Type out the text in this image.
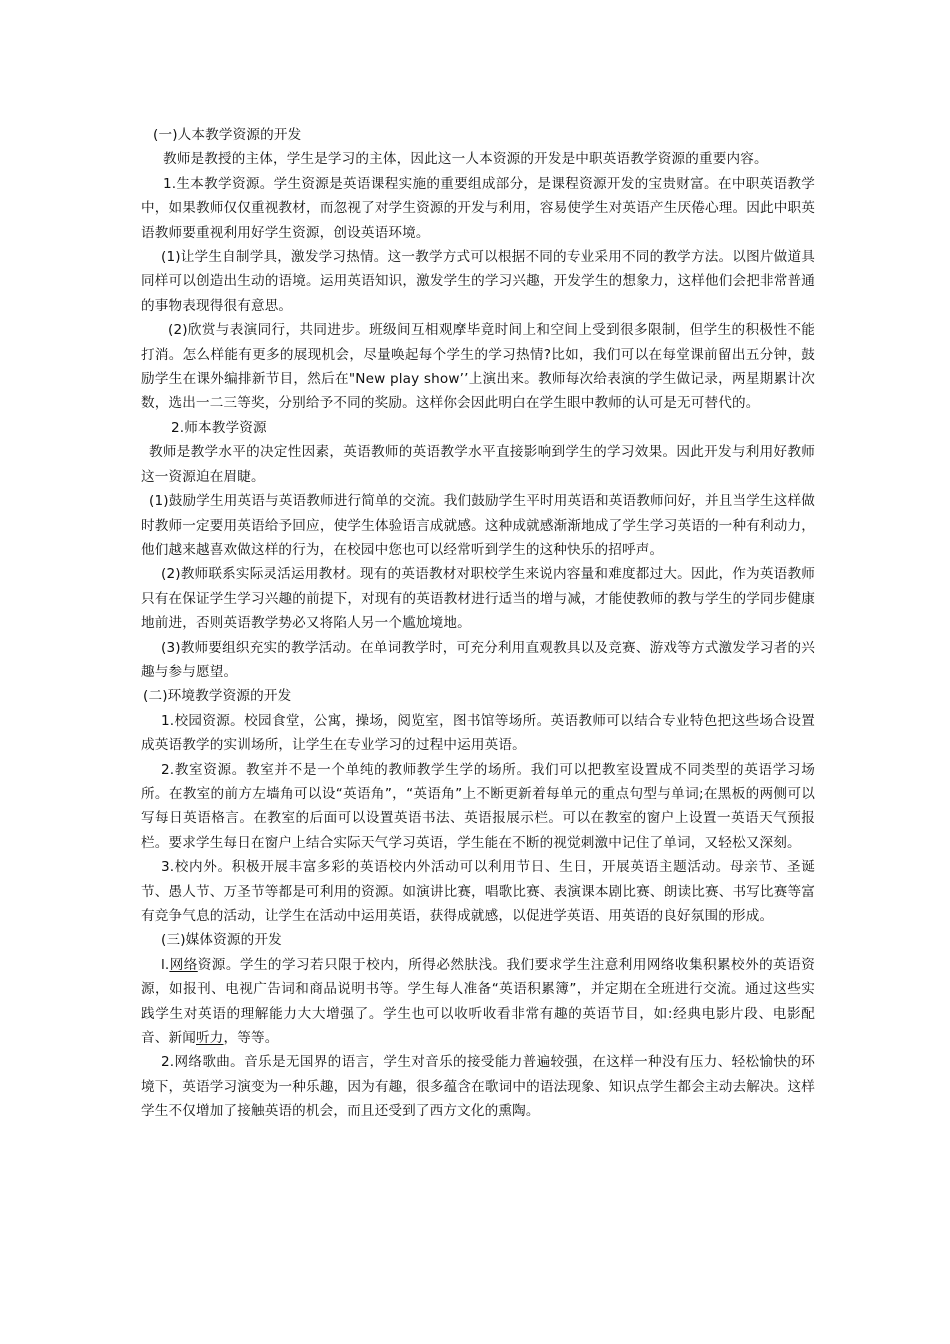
(一)人本教学资源的开发

教师是教授的主体，学生是学习的主体，因此这一人本资源的开发是中职英语教学资源的重要内容。

1.生本教学资源。学生资源是英语课程实施的重要组成部分，是课程资源开发的宝贵财富。在中职英语教学中，如果教师仅仅重视教材，而忽视了对学生资源的开发与利用，容易使学生对英语产生厌倦心理。因此中职英语教师要重视利用好学生资源，创设英语环境。

(1)让学生自制学具，激发学习热情。这一教学方式可以根据不同的专业采用不同的教学方法。以图片做道具同样可以创造出生动的语境。运用英语知识，激发学生的学习兴趣，开发学生的想象力，这样他们会把非常普通的事物表现得很有意思。

(2)欣赏与表演同行，共同进步。班级间互相观摩毕竟时间上和空间上受到很多限制，但学生的积极性不能打消。怎么样能有更多的展现机会，尽量唤起每个学生的学习热情?比如，我们可以在每堂课前留出五分钟，鼓励学生在课外编排新节目，然后在"New play show’’上演出来。教师每次给表演的学生做记录，两星期累计次数，选出一二三等奖，分别给予不同的奖励。这样你会因此明白在学生眼中教师的认可是无可替代的。

2.师本教学资源

教师是教学水平的决定性因素，英语教师的英语教学水平直接影响到学生的学习效果。因此开发与利用好教师这一资源迫在眉睫。

(1)鼓励学生用英语与英语教师进行简单的交流。我们鼓励学生平时用英语和英语教师问好，并且当学生这样做时教师一定要用英语给予回应，使学生体验语言成就感。这种成就感渐渐地成了学生学习英语的一种有利动力，他们越来越喜欢做这样的行为，在校园中您也可以经常听到学生的这种快乐的招呼声。

(2)教师联系实际灵活运用教材。现有的英语教材对职校学生来说内容量和难度都过大。因此，作为英语教师只有在保证学生学习兴趣的前提下，对现有的英语教材进行适当的增与减，才能使教师的教与学生的学同步健康地前进，否则英语教学势必又将陷人另一个尴尬境地。

(3)教师要组织充实的教学活动。在单词教学时，可充分利用直观教具以及竞赛、游戏等方式激发学习者的兴趣与参与愿望。

(二)环境教学资源的开发

1.校园资源。校园食堂，公寓，操场，阅览室，图书馆等场所。英语教师可以结合专业特色把这些场合设置成英语教学的实训场所，让学生在专业学习的过程中运用英语。

2.教室资源。教室并不是一个单纯的教师教学生学的场所。我们可以把教室设置成不同类型的英语学习场所。在教室的前方左墙角可以设“英语角”，“英语角”上不断更新着每单元的重点句型与单词;在黑板的两侧可以写每日英语格言。在教室的后面可以设置英语书法、英语报展示栏。可以在教室的窗户上设置一英语天气预报栏。要求学生每日在窗户上结合实际天气学习英语，学生能在不断的视觉刺激中记住了单词，又轻松又深刻。

3.校内外。积极开展丰富多彩的英语校内外活动可以利用节日、生日，开展英语主题活动。母亲节、圣诞节、愚人节、万圣节等都是可利用的资源。如演讲比赛，唱歌比赛、表演课本剧比赛、朗读比赛、书写比赛等富有竞争气息的活动，让学生在活动中运用英语，获得成就感，以促进学英语、用英语的良好氛围的形成。

(三)媒体资源的开发

l.网络资源。学生的学习若只限于校内，所得必然肤浅。我们要求学生注意利用网络收集积累校外的英语资源，如报刊、电视广告词和商品说明书等。学生每人准备“英语积累簿”，并定期在全班进行交流。通过这些实践学生对英语的理解能力大大增强了。学生也可以收听收看非常有趣的英语节目，如:经典电影片段、电影配音、新闻听力，等等。

2.网络歌曲。音乐是无国界的语言，学生对音乐的接受能力普遍较强，在这样一种没有压力、轻松愉快的环境下，英语学习演变为一种乐趣，因为有趣，很多蕴含在歌词中的语法现象、知识点学生都会主动去解决。这样学生不仅增加了接触英语的机会，而且还受到了西方文化的熏陶。
